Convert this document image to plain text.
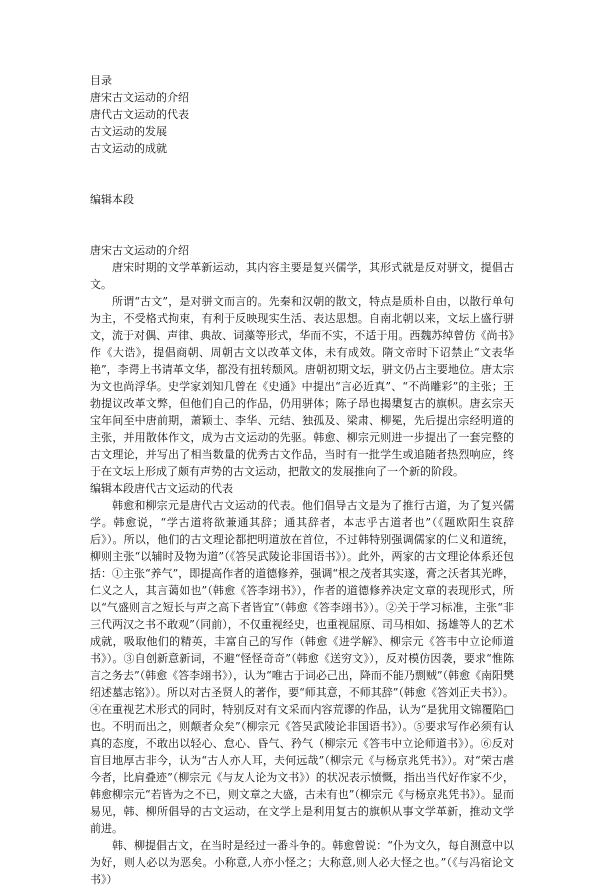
目录
唐宋古文运动的介绍
唐代古文运动的代表
古文运动的发展
古文运动的成就
编辑本段
唐宋古文运动的介绍

唐宋时期的文学革新运动，其内容主要是复兴儒学，其形式就是反对骈文，提倡古文。

所谓“古文”，是对骈文而言的。先秦和汉朝的散文，特点是质朴自由，以散行单句为主，不受格式拘束，有利于反映现实生活、表达思想。自南北朝以来，文坛上盛行骈文，流于对偶、声律、典故、词藻等形式，华而不实，不适于用。西魏苏绰曾仿《尚书》作《大诰》，提倡商朝、周朝古文以改革文体，未有成效。隋文帝时下诏禁止“文表华艳”，李谔上书请革文华，都没有扭转颓风。唐朝初期文坛，骈文仍占主要地位。唐太宗为文也尚浮华。史学家刘知几曾在《史通》中提出“言必近真”、“不尚雕彩”的主张；王勃提议改革文弊，但他们自己的作品，仍用骈体；陈子昂也揭橥复古的旗帜。唐玄宗天宝年间至中唐前期，萧颖士、李华、元结、独孤及、梁肃、柳冕，先后提出宗经明道的主张，并用散体作文，成为古文运动的先驱。韩愈、柳宗元则进一步提出了一套完整的古文理论，并写出了相当数量的优秀古文作品，当时有一批学生或追随者热烈响应，终于在文坛上形成了颇有声势的古文运动，把散文的发展推向了一个新的阶段。

编辑本段唐代古文运动的代表

韩愈和柳宗元是唐代古文运动的代表。他们倡导古文是为了推行古道，为了复兴儒学。韩愈说，“学古道将欲兼通其辞；通其辞者，本志乎古道者也”（《题欧阳生哀辞后》）。所以，他们的古文理论都把明道放在首位，不过韩特别强调儒家的仁义和道统，柳则主张“以辅时及物为道”（《答吴武陵论非国语书》）。此外，两家的古文理论体系还包括：①主张“养气”，即提高作者的道德修养，强调“根之茂者其实遂，膏之沃者其光晔，仁义之人，其言蔼如也”（韩愈《答李翊书》），作者的道德修养决定文章的表现形式，所以“气盛则言之短长与声之高下者皆宜”（韩愈《答李翊书》）。②关于学习标准，主张“非三代两汉之书不敢观”（同前），不仅重视经史，也重视屈原、司马相如、扬雄等人的艺术成就，吸取他们的精英，丰富自己的写作（韩愈《进学解》、柳宗元《答韦中立论师道书》）。③自创新意新词，不避“怪怪奇奇”（韩愈《送穷文》），反对模仿因袭，要求“惟陈言之务去”（韩愈《答李翊书》），认为“唯古于词必己出，降而不能乃剽贼”（韩愈《南阳樊绍述墓志铭》）。所以对古圣贤人的著作，要“师其意，不师其辞”（韩愈《答刘正夫书》）。④在重视艺术形式的同时，特别反对有文采而内容荒谬的作品，认为“是犹用文锦覆陷□也。不明而出之，则颠者众矣”（柳宗元《答吴武陵论非国语书》）。⑤要求写作必须有认真的态度，不敢出以轻心、怠心、昏气、矜气（柳宗元《答韦中立论师道书》）。⑥反对盲目地厚古非今，认为“古人亦人耳，夫何远哉”（柳宗元《与杨京兆凭书》）。对“荣古虐今者，比肩叠迹”（柳宗元《与友人论为文书》）的状况表示愤慨，指出当代好作家不少，韩愈柳宗元“若皆为之不已，则文章之大盛，古未有也”（柳宗元《与杨京兆凭书》）。显而易见，韩、柳所倡导的古文运动，在文学上是利用复古的旗帜从事文学革新，推动文学前进。

韩、柳提倡古文，在当时是经过一番斗争的。韩愈曾说：“仆为文久，每自测意中以为好，则人必以为恶矣。小称意,人亦小怪之；大称意,则人必大怪之也。”（《与冯宿论文书》）
